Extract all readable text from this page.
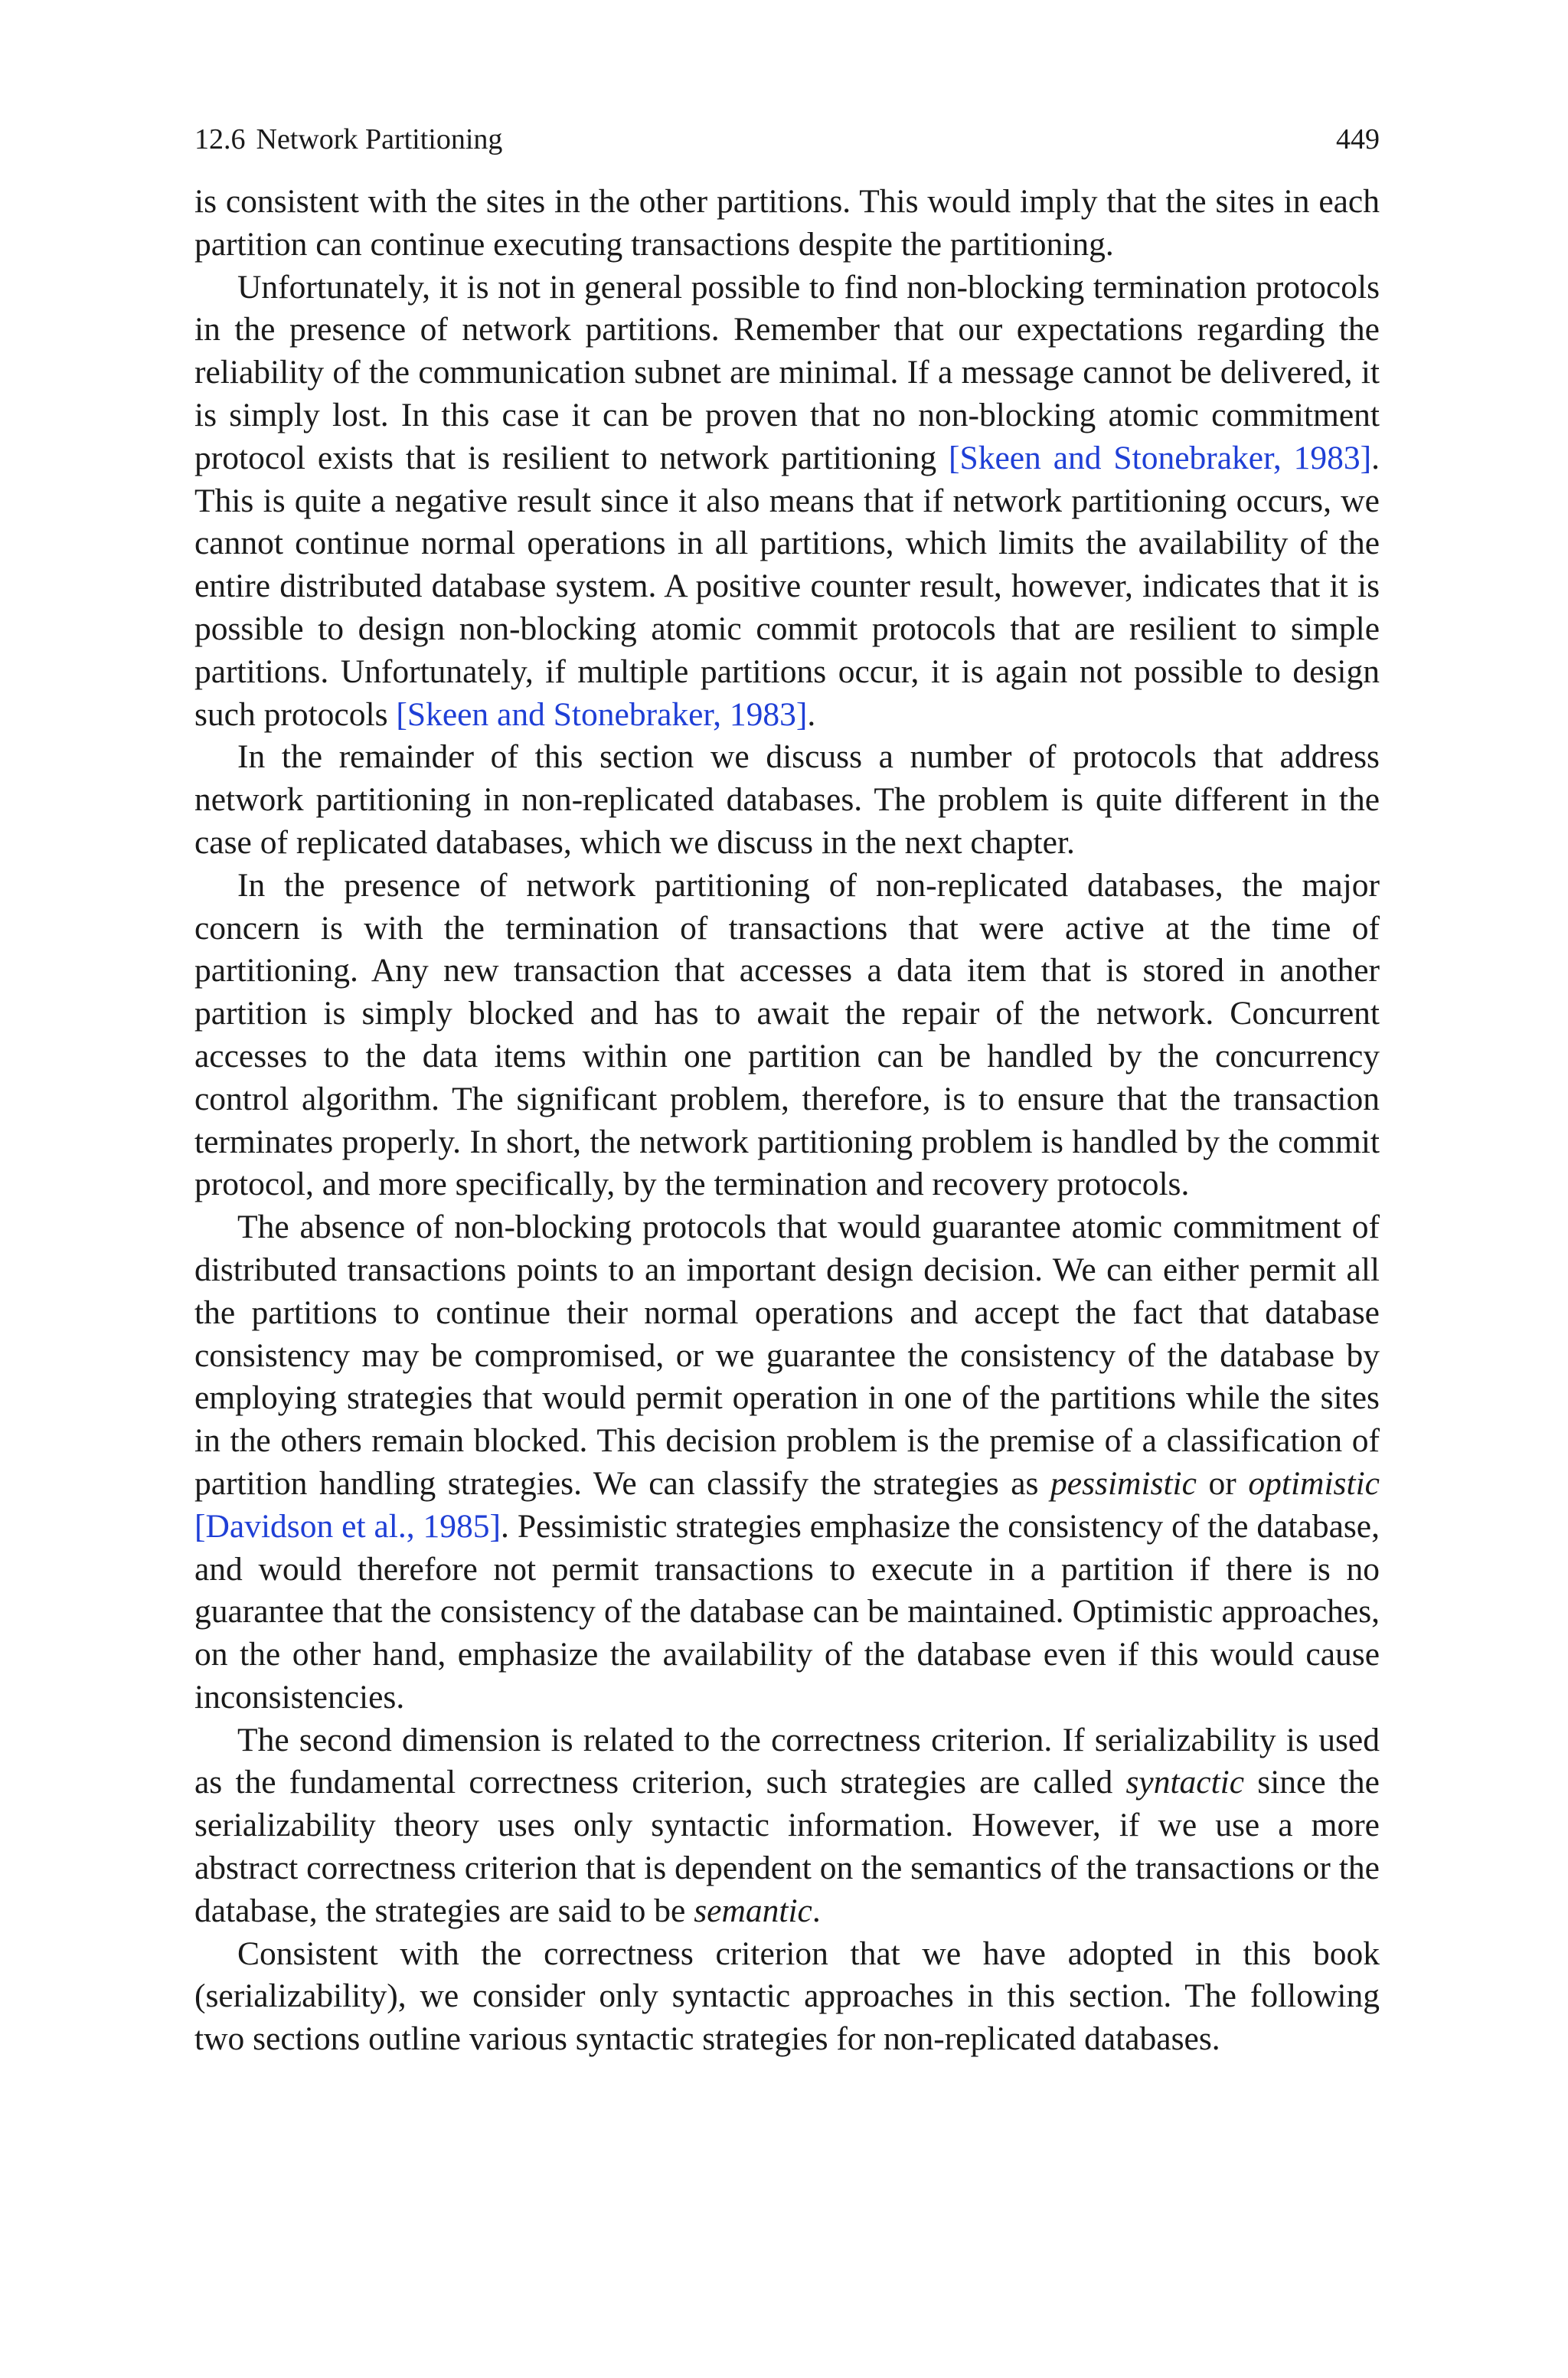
12.6 Network Partitioning	449

is consistent with the sites in the other partitions. This would imply that the sites in each partition can continue executing transactions despite the partitioning.

Unfortunately, it is not in general possible to find non-blocking termination protocols in the presence of network partitions. Remember that our expectations regarding the reliability of the communication subnet are minimal. If a message cannot be delivered, it is simply lost. In this case it can be proven that no non-blocking atomic commitment protocol exists that is resilient to network partitioning [Skeen and Stonebraker, 1983]. This is quite a negative result since it also means that if network partitioning occurs, we cannot continue normal operations in all partitions, which limits the availability of the entire distributed database system. A positive counter result, however, indicates that it is possible to design non-blocking atomic commit protocols that are resilient to simple partitions. Unfortunately, if multiple partitions occur, it is again not possible to design such protocols [Skeen and Stonebraker, 1983].

In the remainder of this section we discuss a number of protocols that address network partitioning in non-replicated databases. The problem is quite different in the case of replicated databases, which we discuss in the next chapter.

In the presence of network partitioning of non-replicated databases, the major concern is with the termination of transactions that were active at the time of partitioning. Any new transaction that accesses a data item that is stored in another partition is simply blocked and has to await the repair of the network. Concurrent accesses to the data items within one partition can be handled by the concurrency control algorithm. The significant problem, therefore, is to ensure that the transaction terminates properly. In short, the network partitioning problem is handled by the commit protocol, and more specifically, by the termination and recovery protocols.

The absence of non-blocking protocols that would guarantee atomic commitment of distributed transactions points to an important design decision. We can either permit all the partitions to continue their normal operations and accept the fact that database consistency may be compromised, or we guarantee the consistency of the database by employing strategies that would permit operation in one of the partitions while the sites in the others remain blocked. This decision problem is the premise of a classification of partition handling strategies. We can classify the strategies as pessimistic or optimistic [Davidson et al., 1985]. Pessimistic strategies emphasize the consistency of the database, and would therefore not permit transactions to execute in a partition if there is no guarantee that the consistency of the database can be maintained. Optimistic approaches, on the other hand, emphasize the availability of the database even if this would cause inconsistencies.

The second dimension is related to the correctness criterion. If serializability is used as the fundamental correctness criterion, such strategies are called syntactic since the serializability theory uses only syntactic information. However, if we use a more abstract correctness criterion that is dependent on the semantics of the transactions or the database, the strategies are said to be semantic.

Consistent with the correctness criterion that we have adopted in this book (serializability), we consider only syntactic approaches in this section. The following two sections outline various syntactic strategies for non-replicated databases.
